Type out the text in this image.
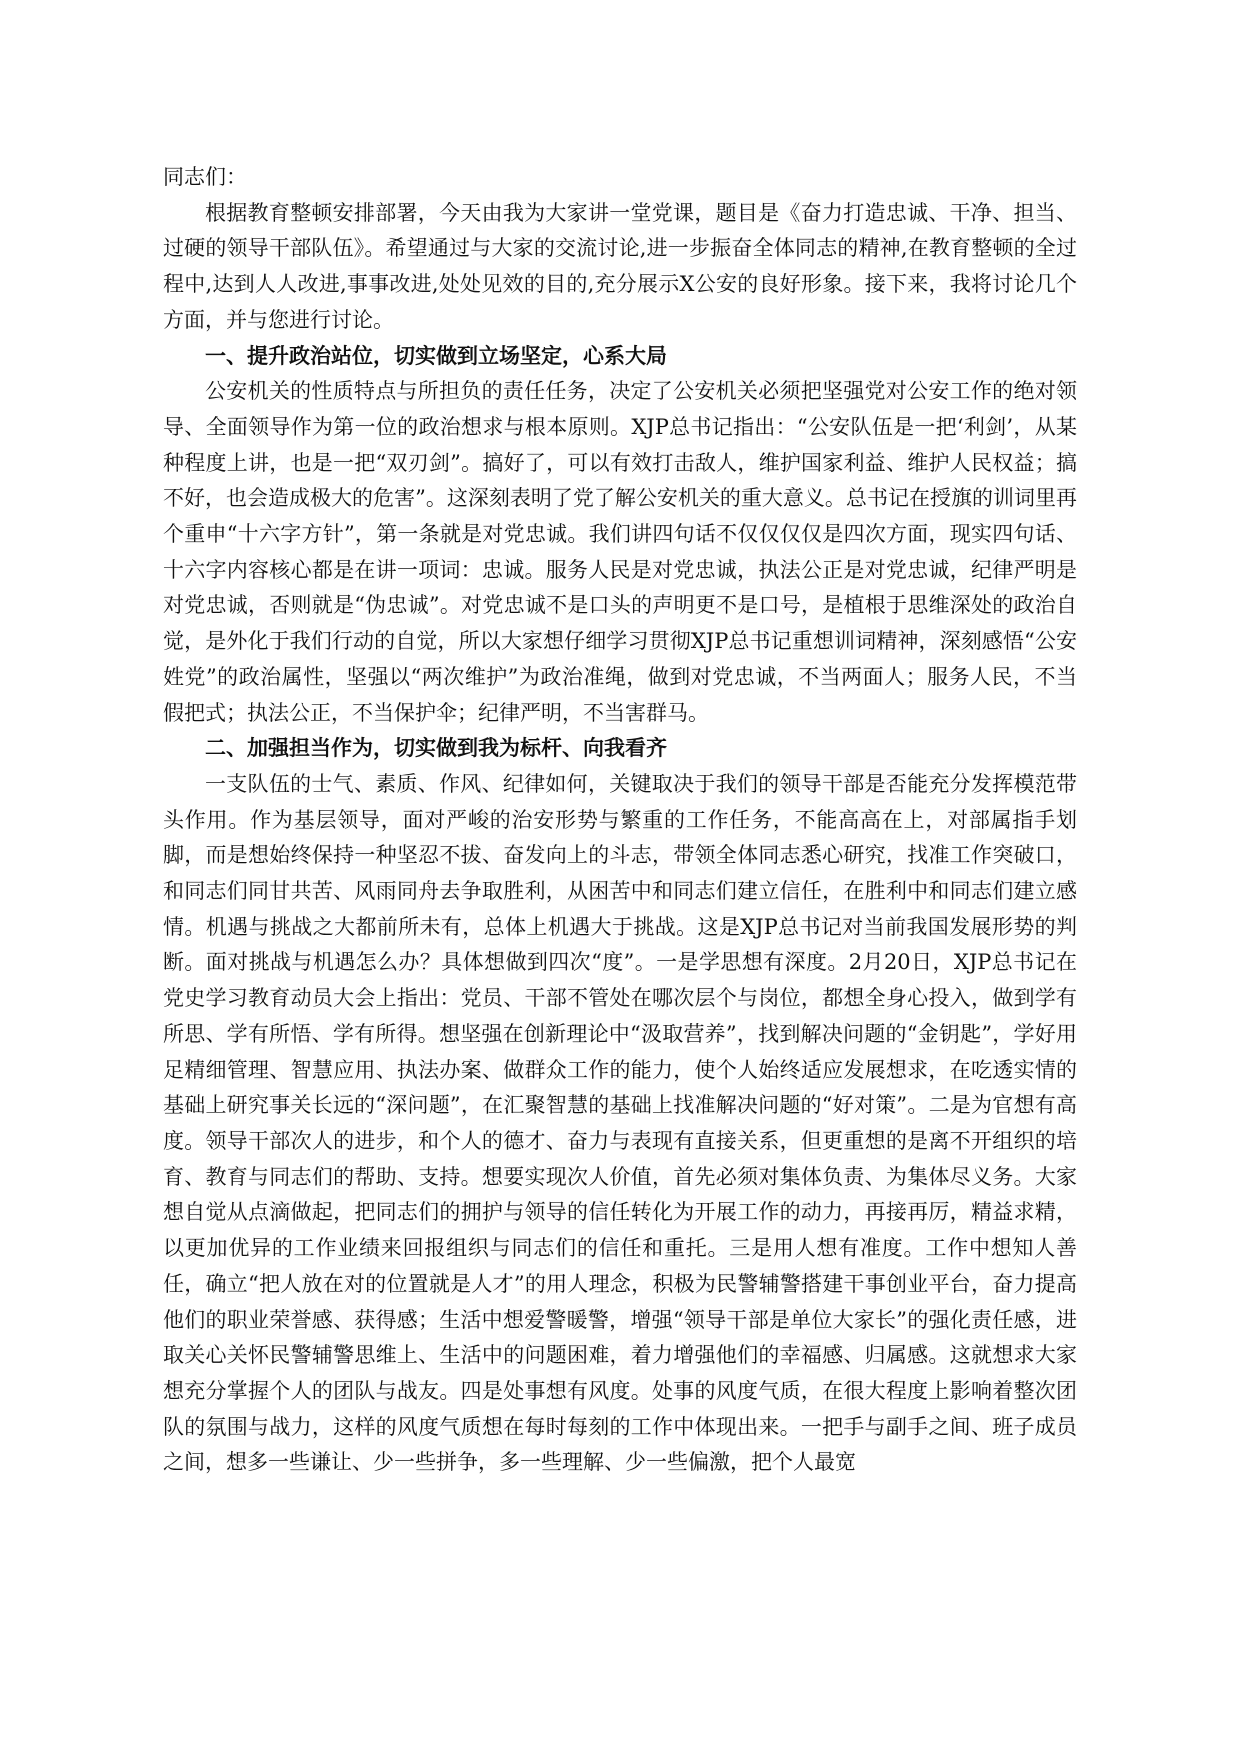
同志们：

根据教育整顿安排部署，今天由我为大家讲一堂党课，题目是《奋力打造忠诚、干净、担当、过硬的领导干部队伍》。希望通过与大家的交流讨论,进一步振奋全体同志的精神,在教育整顿的全过程中,达到人人改进,事事改进,处处见效的目的,充分展示X公安的良好形象。接下来，我将讨论几个方面，并与您进行讨论。

一、提升政治站位，切实做到立场坚定，心系大局

公安机关的性质特点与所担负的责任任务，决定了公安机关必须把坚强党对公安工作的绝对领导、全面领导作为第一位的政治想求与根本原则。XJP总书记指出：“公安队伍是一把‘利剑’，从某种程度上讲，也是一把“双刃剑”。搞好了，可以有效打击敌人，维护国家利益、维护人民权益；搞不好，也会造成极大的危害”。这深刻表明了党了解公安机关的重大意义。总书记在授旗的训词里再个重申“十六字方针”，第一条就是对党忠诚。我们讲四句话不仅仅仅仅是四次方面，现实四句话、十六字内容核心都是在讲一项词：忠诚。服务人民是对党忠诚，执法公正是对党忠诚，纪律严明是对党忠诚，否则就是“伪忠诚”。对党忠诚不是口头的声明更不是口号，是植根于思维深处的政治自觉，是外化于我们行动的自觉，所以大家想仔细学习贯彻XJP总书记重想训词精神，深刻感悟“公安姓党”的政治属性，坚强以“两次维护”为政治准绳，做到对党忠诚，不当两面人；服务人民，不当假把式；执法公正，不当保护伞；纪律严明，不当害群马。

二、加强担当作为，切实做到我为标杆、向我看齐

一支队伍的士气、素质、作风、纪律如何，关键取决于我们的领导干部是否能充分发挥模范带头作用。作为基层领导，面对严峻的治安形势与繁重的工作任务，不能高高在上，对部属指手划脚，而是想始终保持一种坚忍不拔、奋发向上的斗志，带领全体同志悉心研究，找准工作突破口，和同志们同甘共苦、风雨同舟去争取胜利，从困苦中和同志们建立信任，在胜利中和同志们建立感情。机遇与挑战之大都前所未有，总体上机遇大于挑战。这是XJP总书记对当前我国发展形势的判断。面对挑战与机遇怎么办？具体想做到四次“度”。一是学思想有深度。2月20日，XJP总书记在党史学习教育动员大会上指出：党员、干部不管处在哪次层个与岗位，都想全身心投入，做到学有所思、学有所悟、学有所得。想坚强在创新理论中“汲取营养”，找到解决问题的“金钥匙”，学好用足精细管理、智慧应用、执法办案、做群众工作的能力，使个人始终适应发展想求，在吃透实情的基础上研究事关长远的“深问题”，在汇聚智慧的基础上找准解决问题的“好对策”。二是为官想有高度。领导干部次人的进步，和个人的德才、奋力与表现有直接关系，但更重想的是离不开组织的培育、教育与同志们的帮助、支持。想要实现次人价值，首先必须对集体负责、为集体尽义务。大家想自觉从点滴做起，把同志们的拥护与领导的信任转化为开展工作的动力，再接再厉，精益求精，以更加优异的工作业绩来回报组织与同志们的信任和重托。三是用人想有准度。工作中想知人善任，确立“把人放在对的位置就是人才”的用人理念，积极为民警辅警搭建干事创业平台，奋力提高他们的职业荣誉感、获得感；生活中想爱警暖警，增强“领导干部是单位大家长”的强化责任感，进取关心关怀民警辅警思维上、生活中的问题困难，着力增强他们的幸福感、归属感。这就想求大家想充分掌握个人的团队与战友。四是处事想有风度。处事的风度气质，在很大程度上影响着整次团队的氛围与战力，这样的风度气质想在每时每刻的工作中体现出来。一把手与副手之间、班子成员之间，想多一些谦让、少一些拼争，多一些理解、少一些偏激，把个人最宽
